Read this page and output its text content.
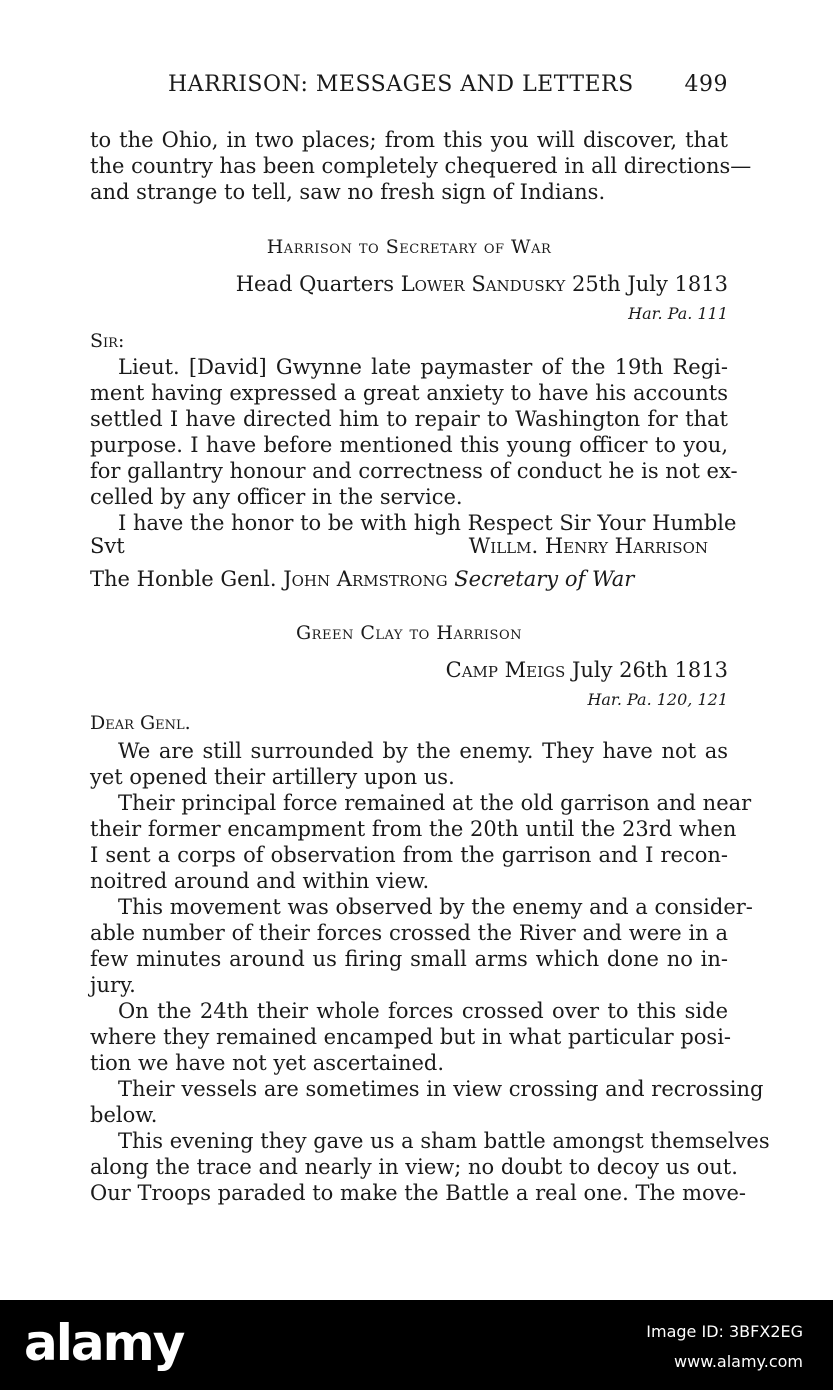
HARRISON: MESSAGES AND LETTERS 499
to the Ohio, in two places; from this you will discover, that
the country has been completely chequered in all directions—
and strange to tell, saw no fresh sign of Indians.
Harrison to Secretary of War
Head Quarters Lower Sandusky 25th July 1813
Har. Pa. 111
Sir:
Lieut. [David] Gwynne late paymaster of the 19th Regi-
ment having expressed a great anxiety to have his accounts
settled I have directed him to repair to Washington for that
purpose. I have before mentioned this young officer to you,
for gallantry honour and correctness of conduct he is not ex-
celled by any officer in the service.
I have the honor to be with high Respect Sir Your Humble
Svt	Willm. Henry Harrison
The Honble Genl. John Armstrong Secretary of War
Green Clay to Harrison
Camp Meigs July 26th 1813
Har. Pa. 120, 121
Dear Genl.
We are still surrounded by the enemy. They have not as
yet opened their artillery upon us.
Their principal force remained at the old garrison and near
their former encampment from the 20th until the 23rd when
I sent a corps of observation from the garrison and I recon-
noitred around and within view.
This movement was observed by the enemy and a consider-
able number of their forces crossed the River and were in a
few minutes around us firing small arms which done no in-
jury.
On the 24th their whole forces crossed over to this side
where they remained encamped but in what particular posi-
tion we have not yet ascertained.
Their vessels are sometimes in view crossing and recrossing
below.
This evening they gave us a sham battle amongst themselves
along the trace and nearly in view; no doubt to decoy us out.
Our Troops paraded to make the Battle a real one. The move-
alamy	Image ID: 3BFX2EG
www.alamy.com
